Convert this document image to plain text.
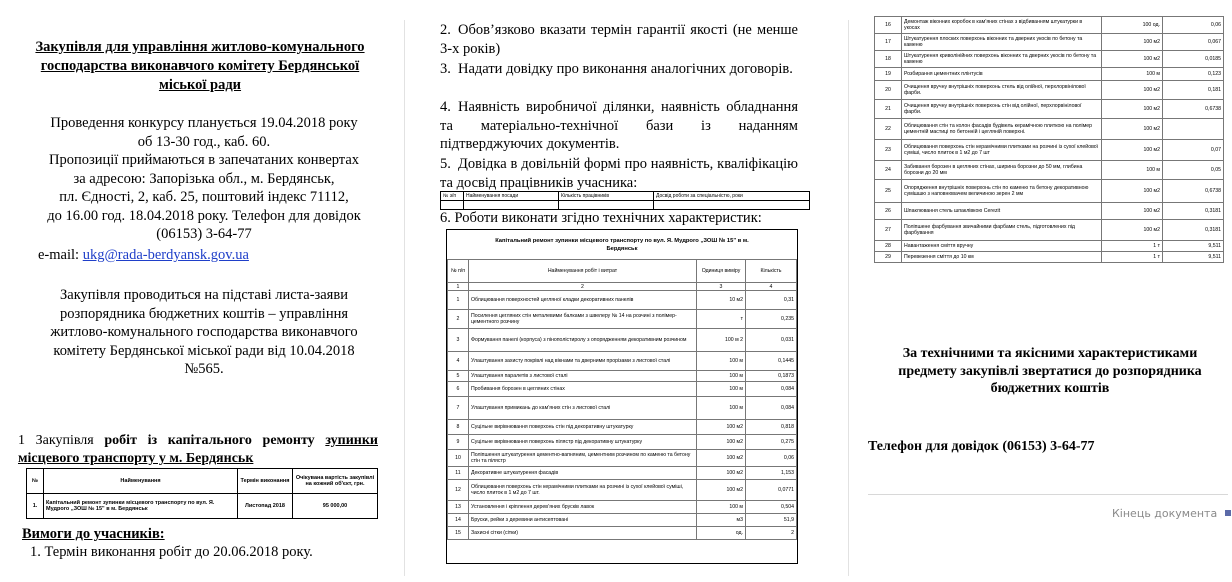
Закупівля для управління житлово-комунального господарства виконавчого комітету Бердянської міської ради
Проведення конкурсу планується 19.04.2018 року
об 13-30 год., каб. 60.
Пропозиції приймаються в запечатаних конвертах
за адресою: Запорізька обл., м. Бердянськ,
пл. Єдності, 2, каб. 25, поштовий індекс 71112,
до 16.00 год. 18.04.2018 року. Телефон для довідок
(06153) 3-64-77
e-mail: ukg@rada-berdyansk.gov.ua
Закупівля проводиться на підставі листа-заяви
розпорядника бюджетних коштів – управління
житлово-комунального господарства виконавчого
комітету Бердянської міської ради від 10.04.2018
№565.
1 Закупівля робіт із капітального ремонту зупинки місцевого транспорту у м. Бердянськ
№	Найменування	Термін виконання	Очікувана вартість закупівлі на кожний об'єкт, грн.
1.	Капітальний ремонт зупинки місцевого транспорту по вул. Я. Мудрого „ЗОШ № 15" в м. Бердянськ	Листопад 2018	95 000,00
Вимоги до учасників:
1. Термін виконання робіт до 20.06.2018 року.
2. Обов’язково вказати термін гарантії якості (не менше 3-х років)
3. Надати довідку про виконання аналогічних договорів.
4. Наявність виробничої ділянки, наявність обладнання та матеріально-технічної бази із наданням підтверджуючих документів.
5. Довідка в довільній формі про наявність, кваліфікацію та досвід працівників учасника:
№ з/п	Найменування посади	Кількість працівників	Досвід роботи за спеціальністю, роки

6. Роботи виконати згідно технічних характеристик:
Капітальний ремонт зупинки місцевого транспорту по вул. Я. Мудрого „ЗОШ № 15" в м. Бердянськ
№ п/п	Найменування робіт і витрат	Одиниця виміру	Кількість
1	2	3	4
1	Облицювання поверхностей цегляної кладки декоративних панелів	10 м2	0,31
2	Посилення цегляних стін металевими балками з швелеру № 14 на розчині з полімер-цементного розчину	т	0,235
3	Формування панелі (корпуса) з пінополістиролу з опорядженням декоративним розчином	100 м 2	0,031
4	Улаштування захисту покрівлі над вікнами та дверними прорізами з листової сталі	100 м	0,1445
5	Улаштування паралетів з листової сталі	100 м	0,1873
6	Пробивання борозен в цегляних стінах	100 м	0,084
7	Улаштування примикань до кам’яних стін з листової сталі	100 м	0,084
8	Суцільне вирівнювання поверхонь стін під декоративну штукатурку	100 м2	0,818
9	Суцільне вирівнювання поверхонь пілястр під декоративну штукатурку	100 м2	0,275
10	Поліпшення штукатурення цементно-вапняним, цементним розчином по каменю та бетону стін та пілястр	100 м2	0,06
11	Декоративне штукатурення фасадів	100 м2	1,153
12	Облицювання поверхонь стін керамічними плитками на розчині із сухої клейової суміші, число плиток в 1 м2 до 7 шт.	100 м2	0,0771
13	Установлення і кріплення дерев’яних брусків лавок	100 м	0,504
14	Бруски, рейки з деревини антисептовані	м3	51,9
15	Захисні сітки (сітки)	од.	2
16	Демонтаж віконних коробок в кам’яних стінах з відбиванням штукатурки в укосах	100 од.	0,06
17	Штукатурення плоских поверхонь віконних та дверних укосів по бетону та каменю	100 м2	0,067
18	Штукатурення криволінійних поверхонь віконних та дверних укосів по бетону та каменю	100 м2	0,0185
19	Розбирання цементних плінтусів	100 м	0,123
20	Очищення вручну внутрішніх поверхонь стель від олійної, перхлорвінілової фарби.	100 м2	0,181
21	Очищення вручну внутрішніх поверхонь стін від олійної, перхлорвінілової фарби.	100 м2	0,6738
22	Облицювання стін та колон фасадів будівель керамічною плиткою на полімер цементній мастиці по бетонній і цегляній поверхні.	100 м2	
23	Облицювання поверхонь стін керамічними плитками на розчині із сухої клейової суміші, число плиток в 1 м2 до 7 шт	100 м2	0,07
24	Забивання борозен в цегляних стінах, ширина борозни до 50 мм, глибина борозни до 20 мм	100 м	0,05
25	Опорядження внутрішніх поверхонь стін по каменю та бетону декоративною сумішшю з наповнювачем величиною зерен 2 мм	100 м2	0,6738
26	Шпаклювання стель шпаклівкою Cеrezit	100 м2	0,3181
27	Поліпшене фарбування звичайними фарбами стель, підготовлених під фарбування	100 м2	0,3181
28	Навантаження сміття вручну	1 т	9,511
29	Перевезення сміття до 10 км	1 т	9,511
За технічними та якісними характеристиками
предмету закупівлі звертатися до розпорядника
бюджетних коштів
Телефон для довідок (06153) 3-64-77
Кінець документа
